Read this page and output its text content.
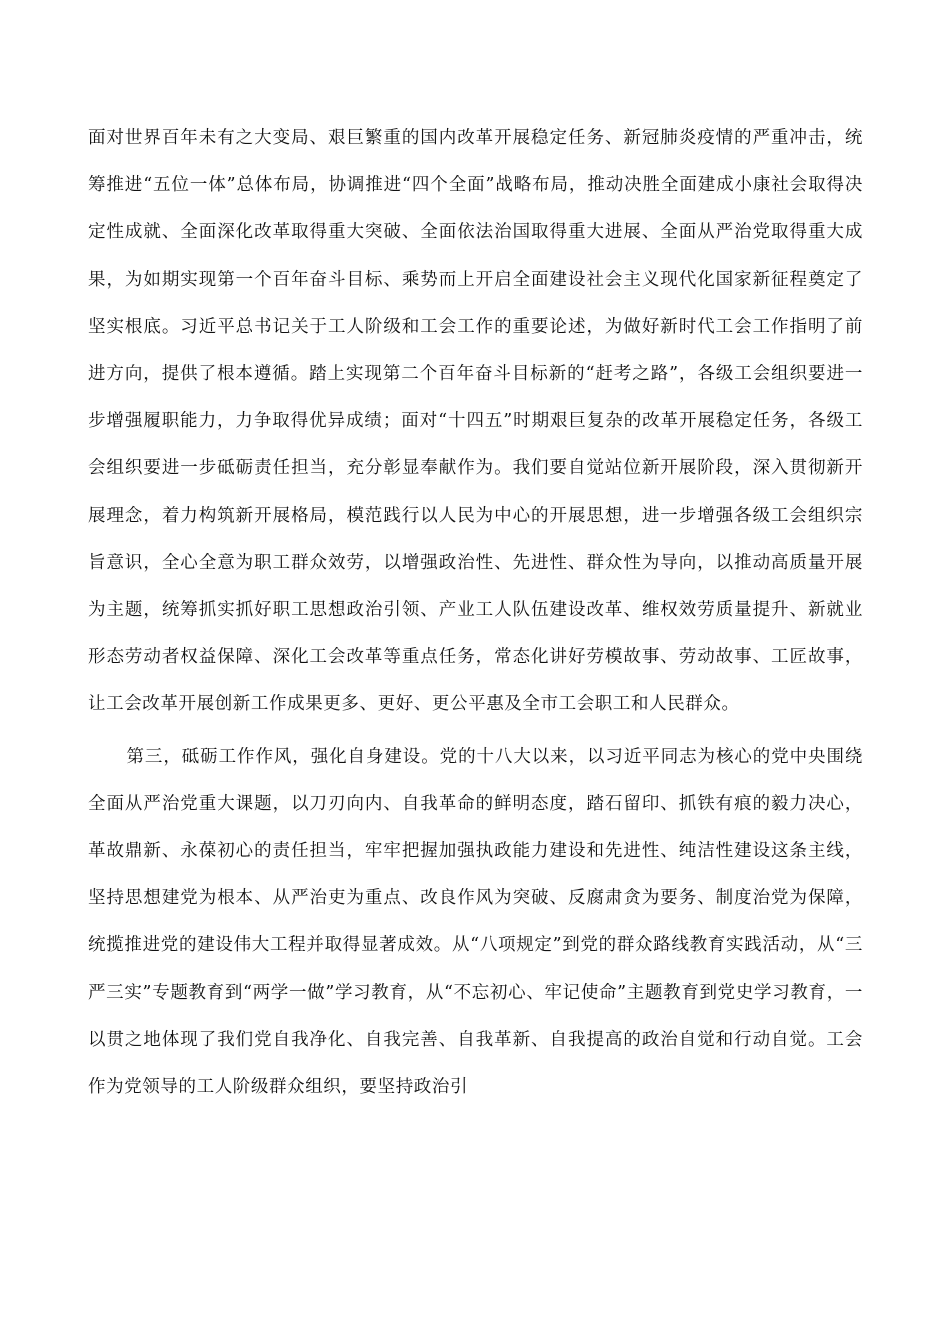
面对世界百年未有之大变局、艰巨繁重的国内改革开展稳定任务、新冠肺炎疫情的严重冲击，统筹推进“五位一体”总体布局，协调推进“四个全面”战略布局，推动决胜全面建成小康社会取得决定性成就、全面深化改革取得重大突破、全面依法治国取得重大进展、全面从严治党取得重大成果，为如期实现第一个百年奋斗目标、乘势而上开启全面建设社会主义现代化国家新征程奠定了坚实根底。习近平总书记关于工人阶级和工会工作的重要论述，为做好新时代工会工作指明了前进方向，提供了根本遵循。踏上实现第二个百年奋斗目标新的“赶考之路”，各级工会组织要进一步增强履职能力，力争取得优异成绩；面对“十四五”时期艰巨复杂的改革开展稳定任务，各级工会组织要进一步砥砺责任担当，充分彰显奉献作为。我们要自觉站位新开展阶段，深入贯彻新开展理念，着力构筑新开展格局，模范践行以人民为中心的开展思想，进一步增强各级工会组织宗旨意识，全心全意为职工群众效劳，以增强政治性、先进性、群众性为导向，以推动高质量开展为主题，统筹抓实抓好职工思想政治引领、产业工人队伍建设改革、维权效劳质量提升、新就业形态劳动者权益保障、深化工会改革等重点任务，常态化讲好劳模故事、劳动故事、工匠故事，让工会改革开展创新工作成果更多、更好、更公平惠及全市工会职工和人民群众。

第三，砥砺工作作风，强化自身建设。党的十八大以来，以习近平同志为核心的党中央围绕全面从严治党重大课题，以刀刃向内、自我革命的鲜明态度，踏石留印、抓铁有痕的毅力决心，革故鼎新、永葆初心的责任担当，牢牢把握加强执政能力建设和先进性、纯洁性建设这条主线，坚持思想建党为根本、从严治吏为重点、改良作风为突破、反腐肃贪为要务、制度治党为保障，统揽推进党的建设伟大工程并取得显著成效。从“八项规定”到党的群众路线教育实践活动，从“三严三实”专题教育到“两学一做”学习教育，从“不忘初心、牢记使命”主题教育到党史学习教育，一以贯之地体现了我们党自我净化、自我完善、自我革新、自我提高的政治自觉和行动自觉。工会作为党领导的工人阶级群众组织，要坚持政治引
